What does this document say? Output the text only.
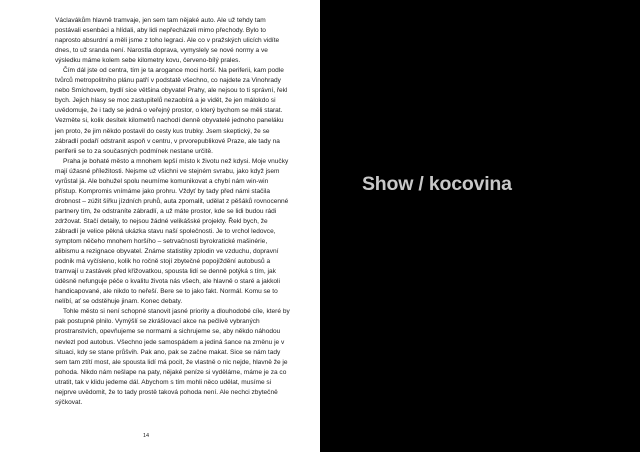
Václavákům hlavně tramvaje, jen sem tam nějaké auto. Ale už tehdy tam postávali esenbáci a hlídali, aby lidi nepřecházeli mimo přechody. Bylo to naprosto absurdní a měli jsme z toho legraci. Ale co v pražských ulicích vidíte dnes, to už sranda není. Narostla doprava, vymyslely se nové normy a ve výsledku máme kolem sebe kilometry kovu, červeno-bílý prales.

Čím dál jste od centra, tím je ta arogance moci horší. Na periferii, kam podle tvůrců metropolitního plánu patří v podstatě všechno, co najdete za Vinohrady nebo Smíchovem, bydlí sice většina obyvatel Prahy, ale nejsou to ti správní, řekl bych. Jejich hlasy se moc zastupitelů nezaobírá a je vidět, že jen málokdo si uvědomuje, že i tady se jedná o veřejný prostor, o který bychom se měli starat. Vezměte si, kolik desítek kilometrů nachodí denně obyvatelé jednoho paneláku jen proto, že jim někdo postavil do cesty kus trubky. Jsem skeptický, že se zábradlí podaří odstranit aspoň v centru, v prvorepublikové Praze, ale tady na periferii se to za současných podmínek nestane určitě.

Praha je bohaté město a mnohem lepší místo k životu než kdysi. Moje vnučky mají úžasné příležitosti. Nejsme už všichni ve stejném svrabu, jako když jsem vyrůstal já. Ale bohužel spolu neumíme komunikovat a chybí nám win-win přístup. Kompromis vnímáme jako prohru. Vždyť by tady před námi stačila drobnost – zúžit šířku jízdních pruhů, auta zpomalit, udělat z pěšáků rovnocenné partnery tím, že odstraníte zábradlí, a už máte prostor, kde se lidi budou rádi zdržovat. Stačí detaily, to nejsou žádné velikášské projekty. Řekl bych, že zábradlí je velice pěkná ukázka stavu naší společnosti. Je to vrchol ledovce, symptom něčeho mnohem horšího – setrvačnosti byrokratické mašinérie, alibismu a rezignace obyvatel. Známe statistiky zplodin ve vzduchu, dopravní podnik má vyčísleno, kolik ho ročně stojí zbytečné popojíždění autobusů a tramvají u zastávek před křižovatkou, spousta lidí se denně potýká s tím, jak úděsně nefunguje péče o kvalitu života nás všech, ale hlavně o staré a jakkoli handicapované, ale nikdo to neřeší. Bere se to jako fakt. Normál. Komu se to nelíbí, ať se odstěhuje jinam. Konec debaty.

Tohle město si není schopné stanovit jasné priority a dlouhodobé cíle, které by pak postupně plnilo. Vymýšlí se zkrášlovací akce na pečlivě vybraných prostranstvích, opevňujeme se normami a sichrujeme se, aby někdo náhodou nevlezl pod autobus. Všechno jede samospádem a jediná šance na změnu je v situaci, kdy se stane průšvih. Pak ano, pak se začne makat. Sice se nám tady sem tam ztítí most, ale spousta lidí má pocit, že vlastně o nic nejde, hlavně že je pohoda. Nikdo nám nešlape na paty, nějaké peníze si vyděláme, máme je za co utratit, tak v klidu jedeme dál. Abychom s tím mohli něco udělat, musíme si nejprve uvědomit, že to tady prostě taková pohoda není. Ale nechci zbytečně sýčkovat.

14
Show / kocovina
